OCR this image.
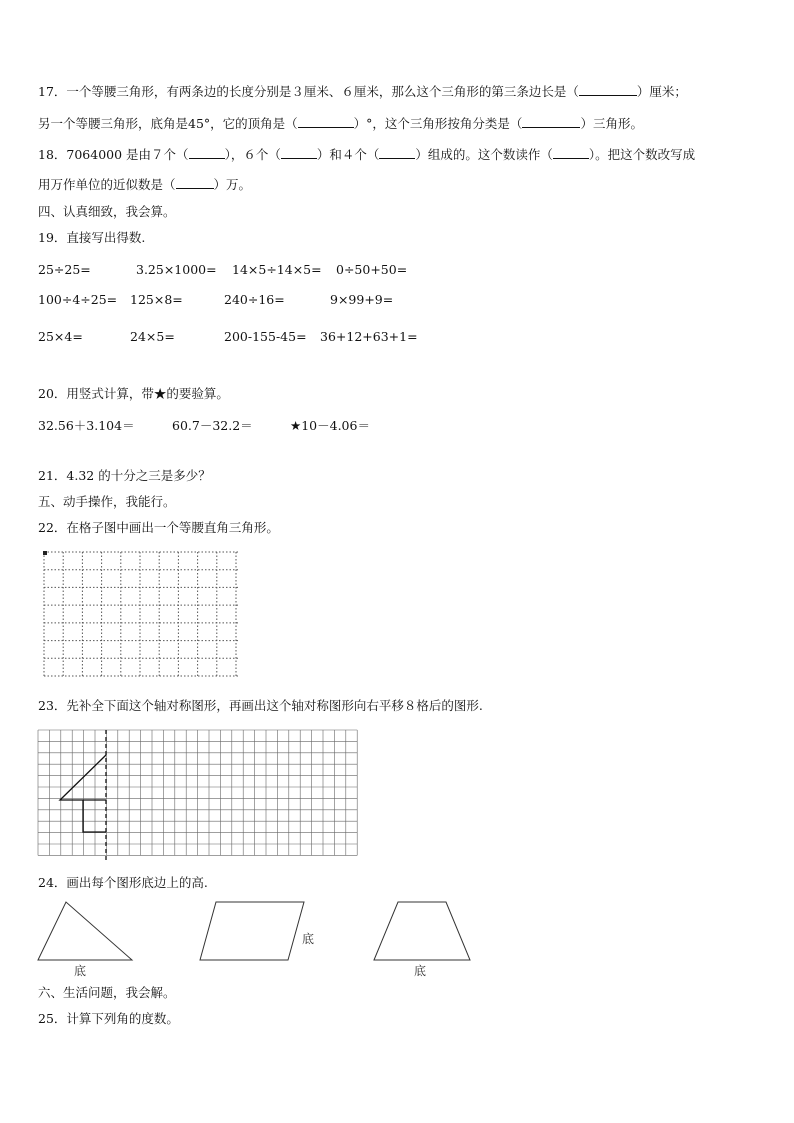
17．一个等腰三角形，有两条边的长度分别是３厘米、６厘米，那么这个三角形的第三条边长是（	）厘米；
另一个等腰三角形，底角是45°，它的顶角是（	）°，这个三角形按角分类是（	）三角形。
18．7064000 是由７个（	），６个（	）和４个（	）组成的。这个数读作（	）。把这个数改写成
用万作单位的近似数是（	）万。
四、认真细致，我会算。
19．直接写出得数.
25÷25=	3.25×1000= 14×5÷14×5= 0÷50+50=
100÷4÷25= 125×8=	240÷16=	9×99+9=
25×4=	24×5=	200-155-45= 36+12+63+1=
20．用竖式计算，带★的要验算。
32.56＋3.104＝	60.7－32.2＝	★10－4.06＝
21．4.32 的十分之三是多少？
五、动手操作，我能行。
22．在格子图中画出一个等腰直角三角形。
23．先补全下面这个轴对称图形，再画出这个轴对称图形向右平移８格后的图形.
24．画出每个图形底边上的高.
底
底
底
六、生活问题，我会解。
25．计算下列角的度数。
